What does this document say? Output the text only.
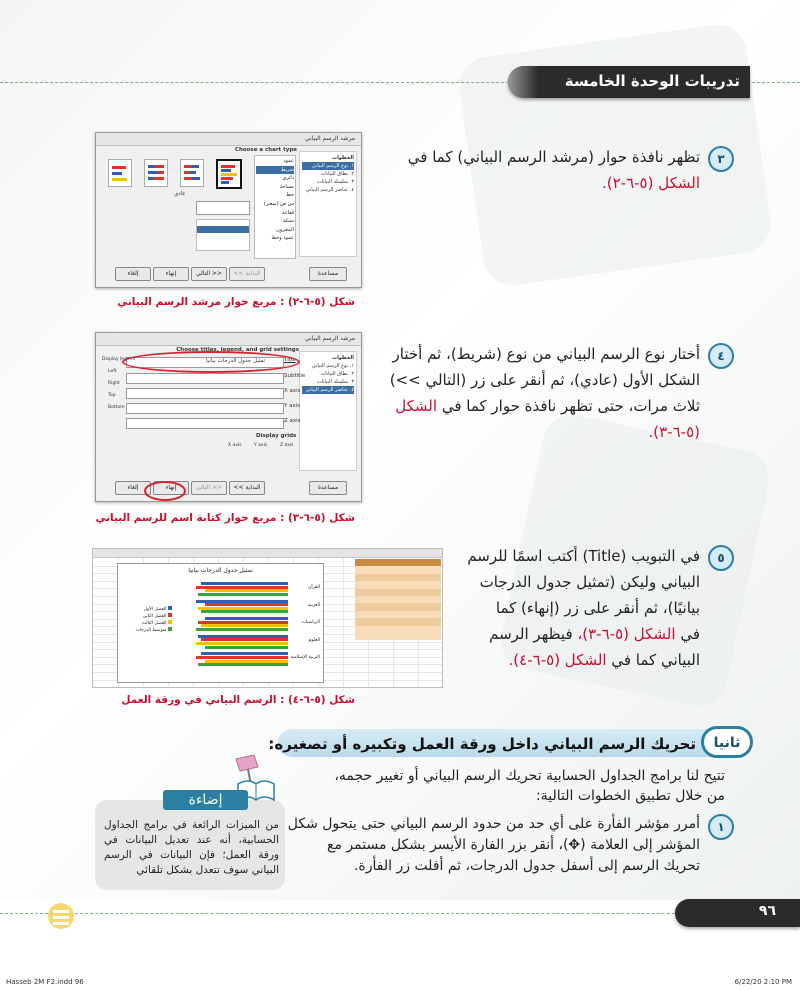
تدريبات الوحدة الخامسة
٣
تظهر نافذة حوار (مرشد الرسم البياني) كما في
الشكل (٥-٦-٢).
مرشد الرسم البياني
الخطوات
١. نوع الرسم البياني
٢. نطاق البيانات
٣. سلسلة البيانات
٤. عناصر الرسم البياني
Choose a chart type
عمود
شريط
دائري
مساحة
خط
س ص (مبعثر)
فقاعة
شبكة
المخزون
عمود وخط
عادي
مساعدة
<< البداية
التالي >>
إنهاء
إلغاء
شكل (٥-٦-٢) : مربع حوار مرشد الرسم البياني
٤
أختار نوع الرسم البياني من نوع (شريط)، ثم أختار
الشكل الأول (عادي)، ثم أنقر على زر (التالي >>)
ثلاث مرات، حتى تظهر نافذة حوار كما في الشكل
(٥-٦-٣).
مرشد الرسم البياني
الخطوات
١. نوع الرسم البياني
٢. نطاق البيانات
٣. سلسلة البيانات
٤. عناصر الرسم البياني
Choose titles, legend, and grid settings
Title
تمثيل جدول الدرجات بيانيا
Subtitle
X axis
Y axis
Z axis
Display legend
Left
Right
Top
Bottom
Display grids
X axis	Y axis	Z axis
مساعدة
<< البداية
التالي >>
إنهاء
إلغاء
شكل (٥-٦-٣) : مربع حوار كتابة اسم للرسم البياني
٥
في التبويب (Title) أكتب اسمًا للرسم
البياني وليكن (تمثيل جدول الدرجات
بيانيًا)، ثم أنقر على زر (إنهاء) كما
في الشكل (٥-٦-٣)، فيظهر الرسم
البياني كما في الشكل (٥-٦-٤).
تمثيل جدول الدرجات بيانيا
الفصل الأول
الفصل الثاني
الفصل الثالث
متوسط الدرجات
القرآن
العربية
الرياضيات
العلوم
التربية الإسلامية
شكل (٥-٦-٤) : الرسم البياني في ورقة العمل
ثانيا
تحريك الرسم البياني داخل ورقة العمل وتكبيره أو تصغيره:
تتيح لنا برامج الجداول الحسابية تحريك الرسم البياني أو تغيير حجمه،
من خلال تطبيق الخطوات التالية:
١
أمرر مؤشر الفأرة على أي حد من حدود الرسم البياني حتى يتحول شكل
المؤشر إلى العلامة (✥)، أنقر بزر الفارة الأيسر بشكل مستمر مع
تحريك الرسم إلى أسفل جدول الدرجات، ثم أفلت زر الفأرة.
إضاءة
من الميزات الرائعة في برامج الجداول الحسابية، أنه عند تعديل البيانات في ورقة العمل؛ فإن البيانات في الرسم البياني سوف تتعدل بشكل تلقائي
٩٦
Hasseb 2M F2.indd 96	6/22/20 2:10 PM
